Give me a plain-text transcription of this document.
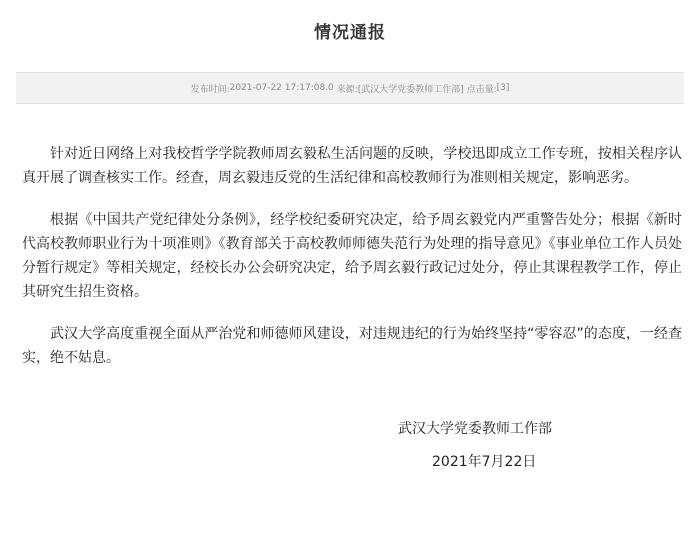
情况通报
发布时间: 2021-07-22 17:17:08.0
来源: [武汉大学党委教师工作部]
点击量: [3]

针对近日网络上对我校哲学学院教师周玄毅私生活问题的反映，学校迅即成立工作专班，按相关程序认真开展了调查核实工作。经查，周玄毅违反党的生活纪律和高校教师行为准则相关规定，影响恶劣。

根据《中国共产党纪律处分条例》，经学校纪委研究决定，给予周玄毅党内严重警告处分；根据《新时代高校教师职业行为十项准则》《教育部关于高校教师师德失范行为处理的指导意见》《事业单位工作人员处分暂行规定》等相关规定，经校长办公会研究决定，给予周玄毅行政记过处分，停止其课程教学工作，停止其研究生招生资格。

武汉大学高度重视全面从严治党和师德师风建设，对违规违纪的行为始终坚持“零容忍”的态度，一经查实，绝不姑息。

武汉大学党委教师工作部
2021年7月22日
